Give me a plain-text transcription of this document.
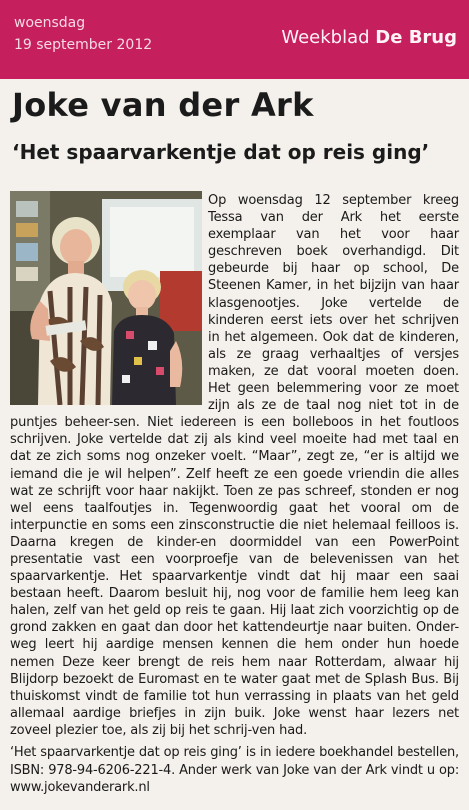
woensdag
19 september 2012	Weekblad De Brug
Joke van der Ark
‘Het spaarvarkentje dat op reis ging’

Op woensdag 12 september kreeg Tessa van der Ark het eerste exemplaar van het voor haar geschreven boek overhandigd. Dit gebeurde bij haar op school, De Steenen Kamer, in het bijzijn van haar klasgenootjes. Joke vertelde de kinderen eerst iets over het schrijven in het algemeen. Ook dat de kinderen, als ze graag verhaaltjes of versjes maken, ze dat vooral moeten doen. Het geen belemmering voor ze moet zijn als ze de taal nog niet tot in de puntjes beheer-sen. Niet iedereen is een bolleboos in het foutloos schrijven. Joke vertelde dat zij als kind veel moeite had met taal en dat ze zich soms nog onzeker voelt. “Maar”, zegt ze, “er is altijd we iemand die je wil helpen”. Zelf heeft ze een goede vriendin die alles wat ze schrijft voor haar nakijkt. Toen ze pas schreef, stonden er nog wel eens taalfoutjes in. Tegenwoordig gaat het vooral om de interpunctie en soms een zinsconstructie die niet helemaal feilloos is. Daarna kregen de kinder-en doormiddel van een PowerPoint presentatie vast een voorproefje van de belevenissen van het spaarvarkentje. Het spaarvarkentje vindt dat hij maar een saai bestaan heeft. Daarom besluit hij, nog voor de familie hem leeg kan halen, zelf van het geld op reis te gaan. Hij laat zich voorzichtig op de grond zakken en gaat dan door het kattendeurtje naar buiten. Onder-weg leert hij aardige mensen kennen die hem onder hun hoede nemen Deze keer brengt de reis hem naar Rotterdam, alwaar hij Blijdorp bezoekt de Euromast en te water gaat met de Splash Bus. Bij thuiskomst vindt de familie tot hun verrassing in plaats van het geld allemaal aardige briefjes in zijn buik. Joke wenst haar lezers net zoveel plezier toe, als zij bij het schrij-ven had.

‘Het spaarvarkentje dat op reis ging’ is in iedere boekhandel bestellen, ISBN: 978-94-6206-221-4. Ander werk van Joke van der Ark vindt u op: www.jokevanderark.nl
